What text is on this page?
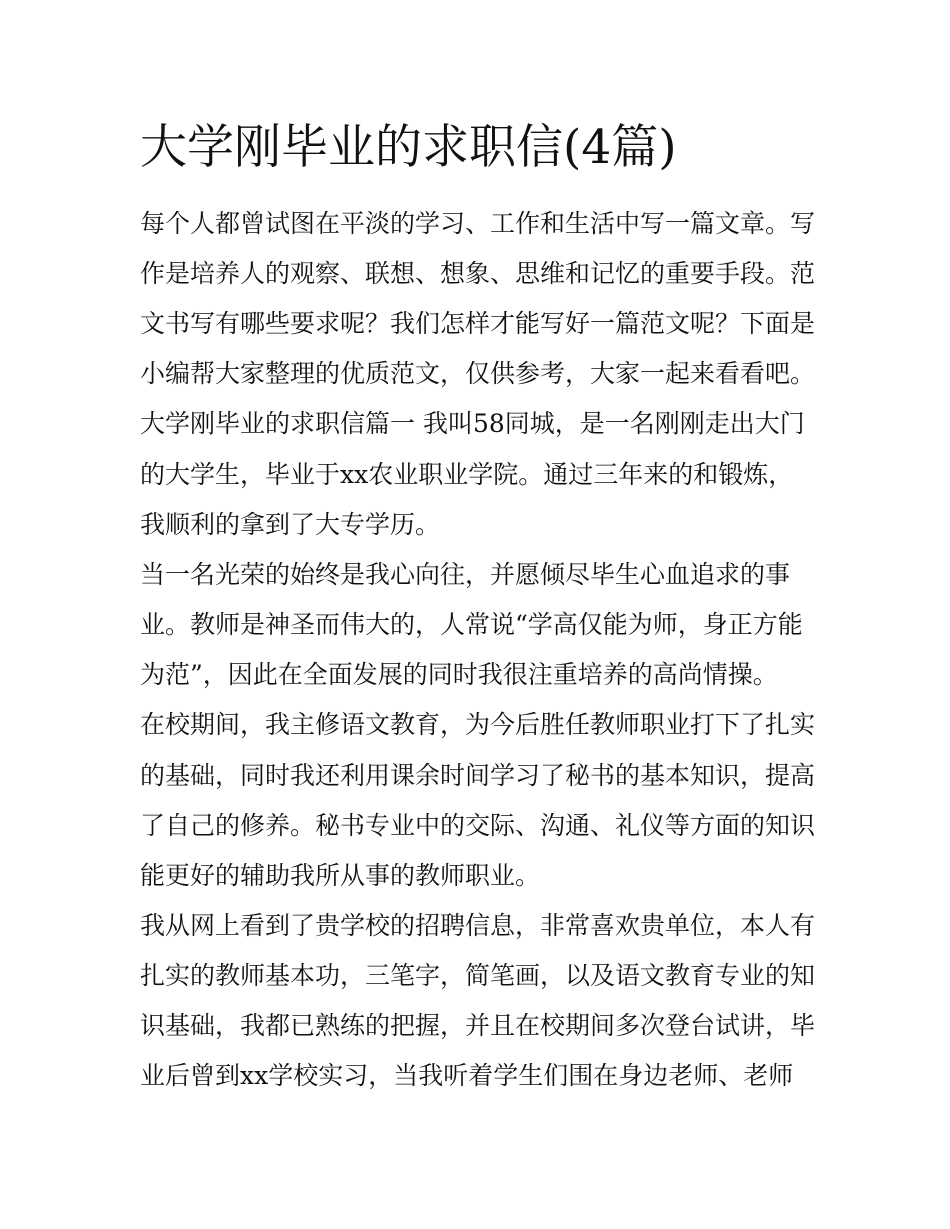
大学刚毕业的求职信(4篇)

每个人都曾试图在平淡的学习、工作和生活中写一篇文章。写

作是培养人的观察、联想、想象、思维和记忆的重要手段。范

文书写有哪些要求呢？我们怎样才能写好一篇范文呢？下面是

小编帮大家整理的优质范文，仅供参考，大家一起来看看吧。

大学刚毕业的求职信篇一 我叫58同城，是一名刚刚走出大门

的大学生，毕业于xx农业职业学院。通过三年来的和锻炼，

我顺利的拿到了大专学历。

当一名光荣的始终是我心向往，并愿倾尽毕生心血追求的事

业。教师是神圣而伟大的，人常说“学高仅能为师，身正方能

为范”，因此在全面发展的同时我很注重培养的高尚情操。

在校期间，我主修语文教育，为今后胜任教师职业打下了扎实

的基础，同时我还利用课余时间学习了秘书的基本知识，提高

了自己的修养。秘书专业中的交际、沟通、礼仪等方面的知识

能更好的辅助我所从事的教师职业。

我从网上看到了贵学校的招聘信息，非常喜欢贵单位，本人有

扎实的教师基本功，三笔字，简笔画，以及语文教育专业的知

识基础，我都已熟练的把握，并且在校期间多次登台试讲，毕

业后曾到xx学校实习，当我听着学生们围在身边老师、老师
